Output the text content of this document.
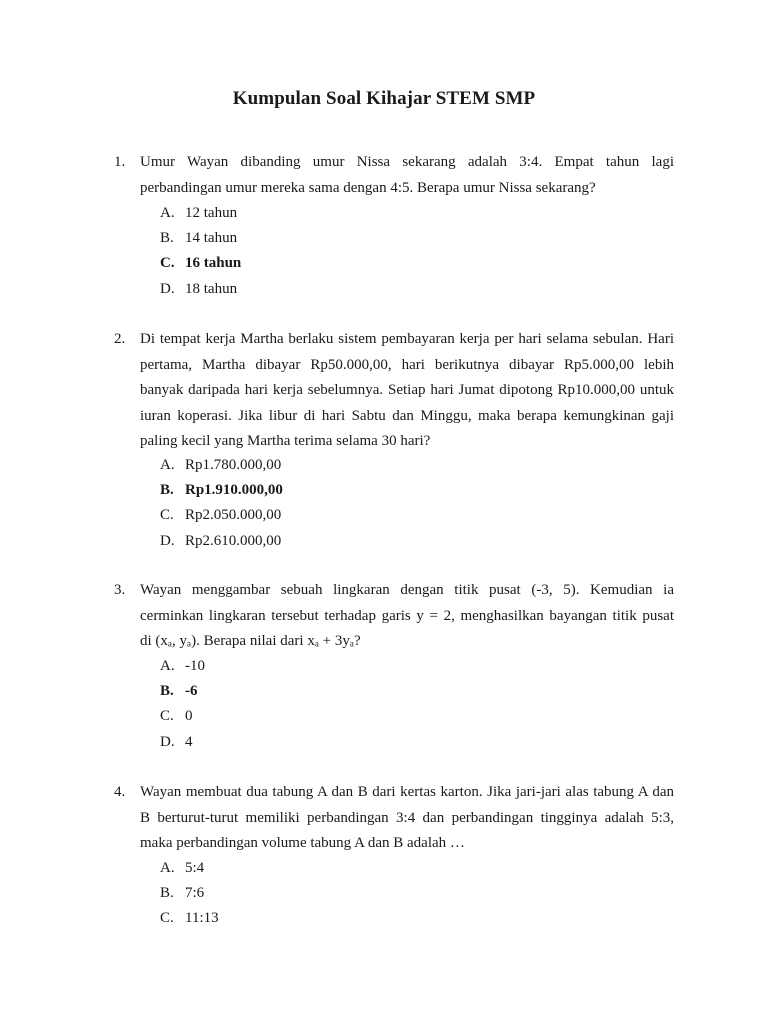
Kumpulan Soal Kihajar STEM SMP
1. Umur Wayan dibanding umur Nissa sekarang adalah 3:4. Empat tahun lagi
perbandingan umur mereka sama dengan 4:5. Berapa umur Nissa sekarang?
A. 12 tahun
B. 14 tahun
C. 16 tahun
D. 18 tahun
2. Di tempat kerja Martha berlaku sistem pembayaran kerja per hari selama sebulan. Hari
pertama, Martha dibayar Rp50.000,00, hari berikutnya dibayar Rp5.000,00 lebih
banyak daripada hari kerja sebelumnya. Setiap hari Jumat dipotong Rp10.000,00 untuk
iuran koperasi. Jika libur di hari Sabtu dan Minggu, maka berapa kemungkinan gaji
paling kecil yang Martha terima selama 30 hari?
A. Rp1.780.000,00
B. Rp1.910.000,00
C. Rp2.050.000,00
D. Rp2.610.000,00
3. Wayan menggambar sebuah lingkaran dengan titik pusat (-3, 5). Kemudian ia
cerminkan lingkaran tersebut terhadap garis y = 2, menghasilkan bayangan titik pusat
di (xₐ, yₐ). Berapa nilai dari xₐ + 3yₐ?
A. -10
B. -6
C. 0
D. 4
4. Wayan membuat dua tabung A dan B dari kertas karton. Jika jari-jari alas tabung A dan
B berturut-turut memiliki perbandingan 3:4 dan perbandingan tingginya adalah 5:3,
maka perbandingan volume tabung A dan B adalah …
A. 5:4
B. 7:6
C. 11:13
